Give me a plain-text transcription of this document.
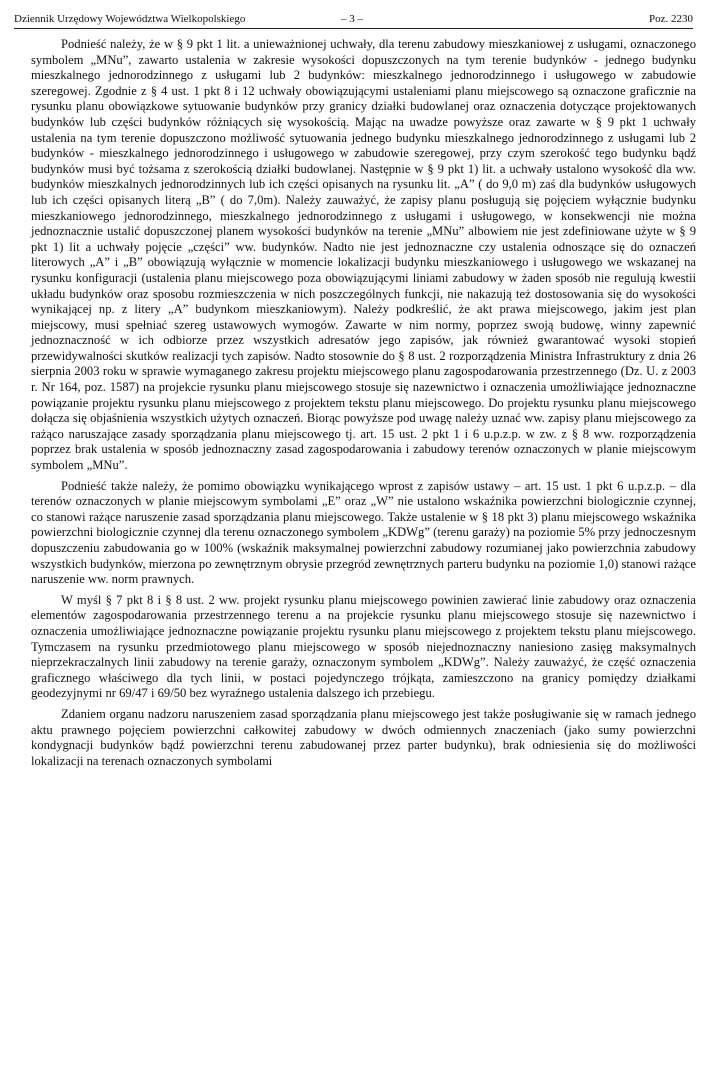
Dziennik Urzędowy Województwa Wielkopolskiego	– 3 –	Poz. 2230

Podnieść należy, że w § 9 pkt 1 lit. a unieważnionej uchwały, dla terenu zabudowy mieszkaniowej z usługami, oznaczonego symbolem „MNu”, zawarto ustalenia w zakresie wysokości dopuszczonych na tym terenie budynków - jednego budynku mieszkalnego jednorodzinnego z usługami lub 2 budynków: mieszkalnego jednorodzinnego i usługowego w zabudowie szeregowej. Zgodnie z § 4 ust. 1 pkt 8 i 12 uchwały obowiązującymi ustaleniami planu miejscowego są oznaczone graficznie na rysunku planu obowiązkowe sytuowanie budynków przy granicy działki budowlanej oraz oznaczenia dotyczące projektowanych budynków lub części budynków różniących się wysokością. Mając na uwadze powyższe oraz zawarte w § 9 pkt 1 uchwały ustalenia na tym terenie dopuszczono możliwość sytuowania jednego budynku mieszkalnego jednorodzinnego z usługami lub 2 budynków - mieszkalnego jednorodzinnego i usługowego w zabudowie szeregowej, przy czym szerokość tego budynku bądź budynków musi być tożsama z szerokością działki budowlanej. Następnie w § 9 pkt 1) lit. a uchwały ustalono wysokość dla ww. budynków mieszkalnych jednorodzinnych lub ich części opisanych na rysunku lit. „A” ( do 9,0 m) zaś dla budynków usługowych lub ich części opisanych literą „B” ( do 7,0m). Należy zauważyć, że zapisy planu posługują się pojęciem wyłącznie budynku mieszkaniowego jednorodzinnego, mieszkalnego jednorodzinnego z usługami i usługowego, w konsekwencji nie można jednoznacznie ustalić dopuszczonej planem wysokości budynków na terenie „MNu” albowiem nie jest zdefiniowane użyte w § 9 pkt 1) lit a uchwały pojęcie „części” ww. budynków. Nadto nie jest jednoznaczne czy ustalenia odnoszące się do oznaczeń literowych „A” i „B” obowiązują wyłącznie w momencie lokalizacji budynku mieszkaniowego i usługowego we wskazanej na rysunku konfiguracji (ustalenia planu miejscowego poza obowiązującymi liniami zabudowy w żaden sposób nie regulują kwestii układu budynków oraz sposobu rozmieszczenia w nich poszczególnych funkcji, nie nakazują też dostosowania się do wysokości wynikającej np. z litery „A” budynkom mieszkaniowym). Należy podkreślić, że akt prawa miejscowego, jakim jest plan miejscowy, musi spełniać szereg ustawowych wymogów. Zawarte w nim normy, poprzez swoją budowę, winny zapewnić jednoznaczność w ich odbiorze przez wszystkich adresatów jego zapisów, jak również gwarantować wysoki stopień przewidywalności skutków realizacji tych zapisów. Nadto stosownie do § 8 ust. 2 rozporządzenia Ministra Infrastruktury z dnia 26 sierpnia 2003 roku w sprawie wymaganego zakresu projektu miejscowego planu zagospodarowania przestrzennego (Dz. U. z 2003 r. Nr 164, poz. 1587) na projekcie rysunku planu miejscowego stosuje się nazewnictwo i oznaczenia umożliwiające jednoznaczne powiązanie projektu rysunku planu miejscowego z projektem tekstu planu miejscowego. Do projektu rysunku planu miejscowego dołącza się objaśnienia wszystkich użytych oznaczeń. Biorąc powyższe pod uwagę należy uznać ww. zapisy planu miejscowego za rażąco naruszające zasady sporządzania planu miejscowego tj. art. 15 ust. 2 pkt 1 i 6 u.p.z.p. w zw. z § 8 ww. rozporządzenia poprzez brak ustalenia w sposób jednoznaczny zasad zagospodarowania i zabudowy terenów oznaczonych w planie miejscowym symbolem „MNu”.

Podnieść także należy, że pomimo obowiązku wynikającego wprost z zapisów ustawy – art. 15 ust. 1 pkt 6 u.p.z.p. – dla terenów oznaczonych w planie miejscowym symbolami „E” oraz „W” nie ustalono wskaźnika powierzchni biologicznie czynnej, co stanowi rażące naruszenie zasad sporządzania planu miejscowego. Także ustalenie w § 18 pkt 3) planu miejscowego wskaźnika powierzchni biologicznie czynnej dla terenu oznaczonego symbolem „KDWg” (terenu garaży) na poziomie 5% przy jednoczesnym dopuszczeniu zabudowania go w 100% (wskaźnik maksymalnej powierzchni zabudowy rozumianej jako powierzchnia zabudowy wszystkich budynków, mierzona po zewnętrznym obrysie przegród zewnętrznych parteru budynku na poziomie 1,0) stanowi rażące naruszenie ww. norm prawnych.

W myśl § 7 pkt 8 i § 8 ust. 2 ww. projekt rysunku planu miejscowego powinien zawierać linie zabudowy oraz oznaczenia elementów zagospodarowania przestrzennego terenu a na projekcie rysunku planu miejscowego stosuje się nazewnictwo i oznaczenia umożliwiające jednoznaczne powiązanie projektu rysunku planu miejscowego z projektem tekstu planu miejscowego. Tymczasem na rysunku przedmiotowego planu miejscowego w sposób niejednoznaczny naniesiono zasięg maksymalnych nieprzekraczalnych linii zabudowy na terenie garaży, oznaczonym symbolem „KDWg”. Należy zauważyć, że część oznaczenia graficznego właściwego dla tych linii, w postaci pojedynczego trójkąta, zamieszczono na granicy pomiędzy działkami geodezyjnymi nr 69/47 i 69/50 bez wyraźnego ustalenia dalszego ich przebiegu.

Zdaniem organu nadzoru naruszeniem zasad sporządzania planu miejscowego jest także posługiwanie się w ramach jednego aktu prawnego pojęciem powierzchni całkowitej zabudowy w dwóch odmiennych znaczeniach (jako sumy powierzchni kondygnacji budynków bądź powierzchni terenu zabudowanej przez parter budynku), brak odniesienia się do możliwości lokalizacji na terenach oznaczonych symbolami
